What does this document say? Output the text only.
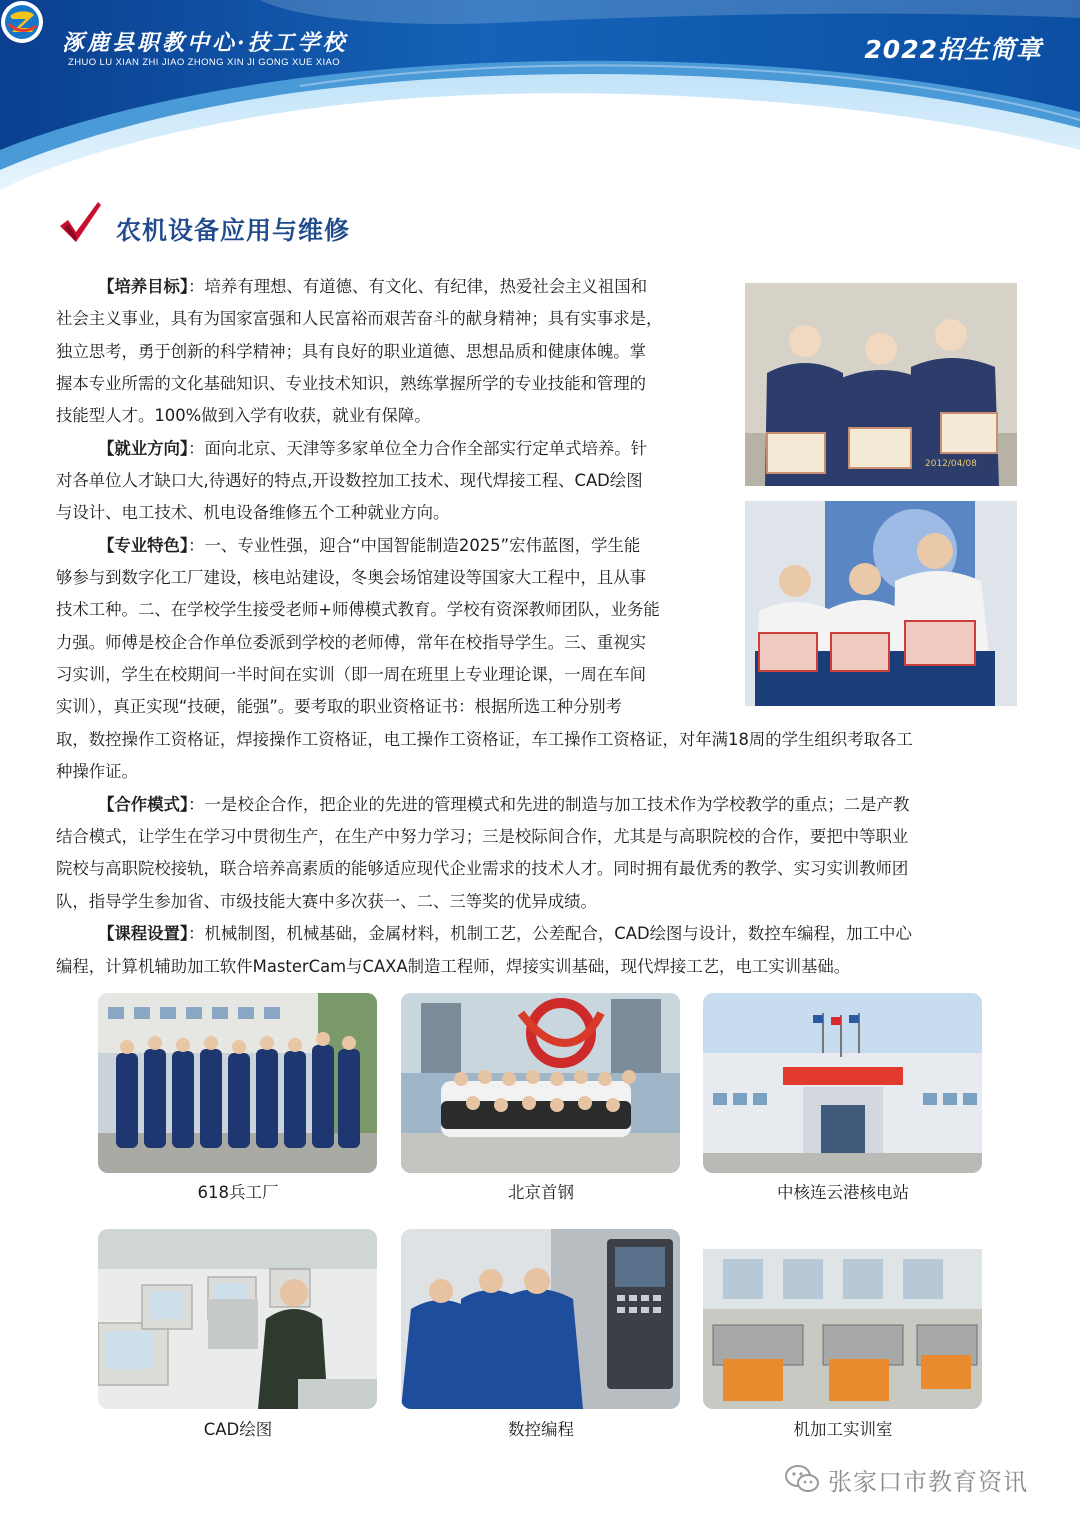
涿鹿县职教中心·技工学校
ZHUO LU XIAN ZHI JIAO ZHONG XIN JI GONG XUE XIAO	2022招生简章
农机设备应用与维修

【培养目标】：培养有理想、有道德、有文化、有纪律，热爱社会主义祖国和

社会主义事业，具有为国家富强和人民富裕而艰苦奋斗的献身精神；具有实事求是，

独立思考，勇于创新的科学精神；具有良好的职业道德、思想品质和健康体魄。掌

握本专业所需的文化基础知识、专业技术知识，熟练掌握所学的专业技能和管理的

技能型人才。100%做到入学有收获，就业有保障。

【就业方向】：面向北京、天津等多家单位全力合作全部实行定单式培养。针

对各单位人才缺口大,待遇好的特点,开设数控加工技术、现代焊接工程、CAD绘图

与设计、电工技术、机电设备维修五个工种就业方向。

【专业特色】：一、专业性强，迎合“中国智能制造2025”宏伟蓝图，学生能

够参与到数字化工厂建设，核电站建设，冬奥会场馆建设等国家大工程中，且从事

技术工种。二、在学校学生接受老师+师傅模式教育。学校有资深教师团队，业务能

力强。师傅是校企合作单位委派到学校的老师傅，常年在校指导学生。三、重视实

习实训，学生在校期间一半时间在实训（即一周在班里上专业理论课，一周在车间

实训），真正实现“技硬，能强”。要考取的职业资格证书：根据所选工种分别考

取，数控操作工资格证，焊接操作工资格证，电工操作工资格证，车工操作工资格证，对年满18周的学生组织考取各工

种操作证。

【合作模式】：一是校企合作，把企业的先进的管理模式和先进的制造与加工技术作为学校教学的重点；二是产教

结合模式，让学生在学习中贯彻生产，在生产中努力学习；三是校际间合作，尤其是与高职院校的合作，要把中等职业

院校与高职院校接轨，联合培养高素质的能够适应现代企业需求的技术人才。同时拥有最优秀的教学、实习实训教师团

队，指导学生参加省、市级技能大赛中多次获一、二、三等奖的优异成绩。

【课程设置】：机械制图，机械基础，金属材料，机制工艺，公差配合，CAD绘图与设计，数控车编程，加工中心

编程，计算机辅助加工软件MasterCam与CAXA制造工程师，焊接实训基础，现代焊接工艺，电工实训基础。

2012/04/08
618兵工厂	北京首钢	中核连云港核电站
CAD绘图	数控编程	机加工实训室
张家口市教育资讯
